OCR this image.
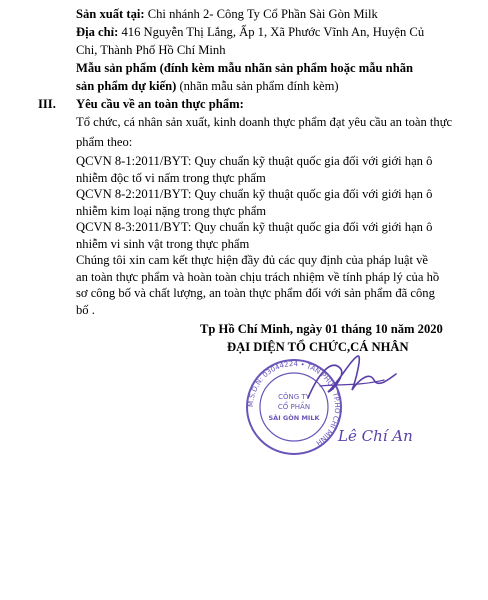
Sản xuất tại: Chi nhánh 2- Công Ty Cổ Phần Sài Gòn Milk
Địa chỉ: 416 Nguyễn Thị Lắng, Ấp 1, Xã Phước Vĩnh An, Huyện Củ
Chi, Thành Phố Hồ Chí Minh
Mẫu sản phẩm (đính kèm mẫu nhãn sản phẩm hoặc mẫu nhãn
sản phẩm dự kiến) (nhãn mẫu sản phẩm đính kèm)
III. Yêu cầu về an toàn thực phẩm:
Tổ chức, cá nhân sản xuất, kinh doanh thực phẩm đạt yêu cầu an toàn thực
phẩm theo:
QCVN 8-1:2011/BYT: Quy chuẩn kỹ thuật quốc gia đối với giới hạn ô
nhiễm độc tố vi nấm trong thực phẩm
QCVN 8-2:2011/BYT: Quy chuẩn kỹ thuật quốc gia đối với giới hạn ô
nhiễm kim loại nặng trong thực phẩm
QCVN 8-3:2011/BYT: Quy chuẩn kỹ thuật quốc gia đối với giới hạn ô
nhiễm vi sinh vật trong thực phẩm
Chúng tôi xin cam kết thực hiện đầy đủ các quy định của pháp luật về
an toàn thực phẩm và hoàn toàn chịu trách nhiệm về tính pháp lý của hồ
sơ công bố và chất lượng, an toàn thực phẩm đối với sản phẩm đã công
bố .
Tp Hồ Chí Minh, ngày 01 tháng 10 năm 2020
ĐẠI DIỆN TỔ CHỨC,CÁ NHÂN
M.S.D.N: 03044224 • TÂN PHÚ - TP.HỒ CHÍ MINH
CÔNG TY
CỔ PHẦN
SÀI GÒN MILK
Lê Chí An
